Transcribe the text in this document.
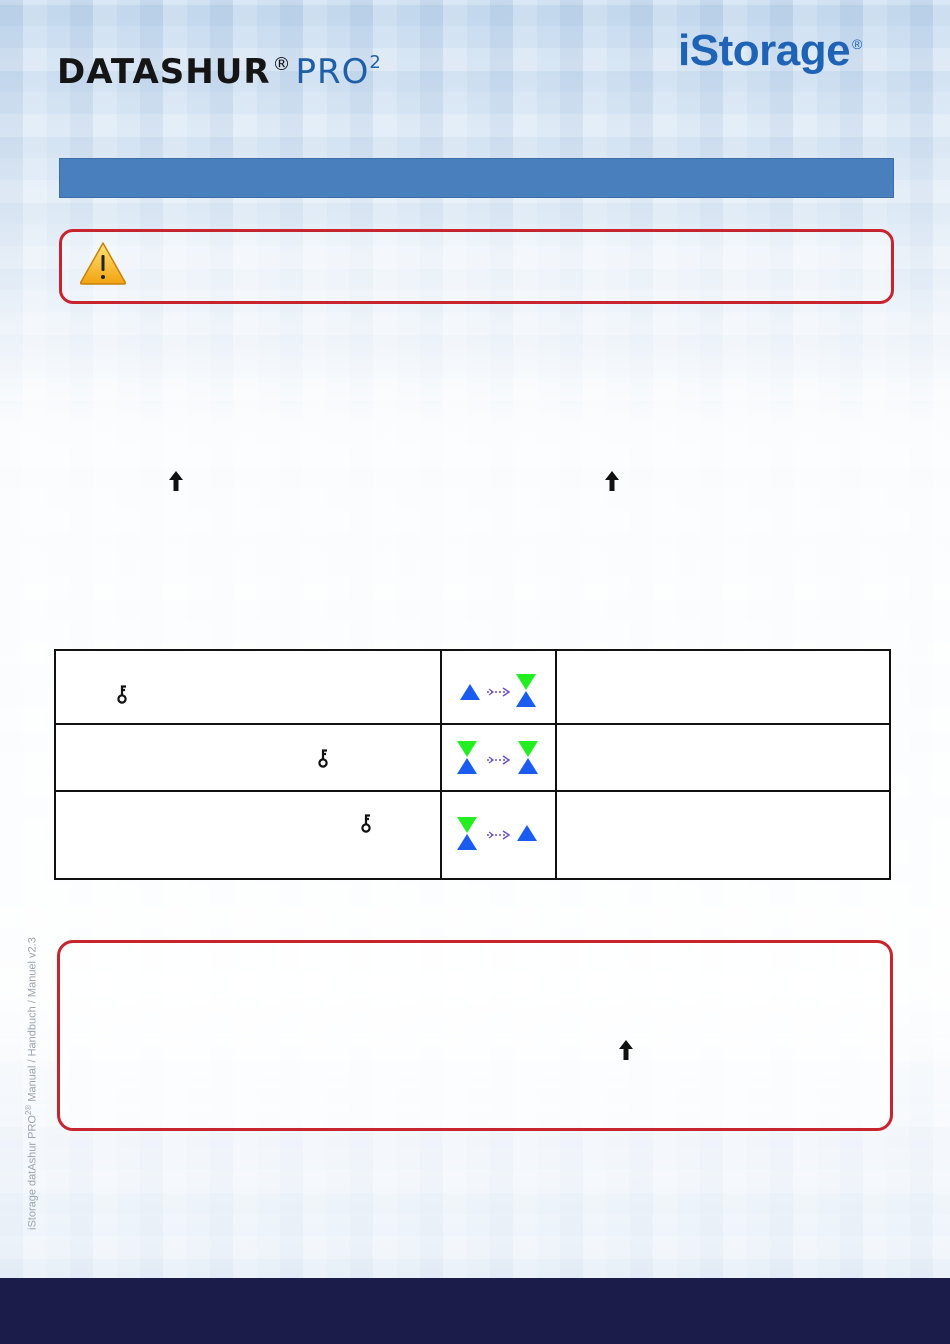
DATASHUR ® PRO$^2$	iStorage ®
iStorage datAshur $PRO^{2®}$ Manual / Handbuch / Manuel v2.3
